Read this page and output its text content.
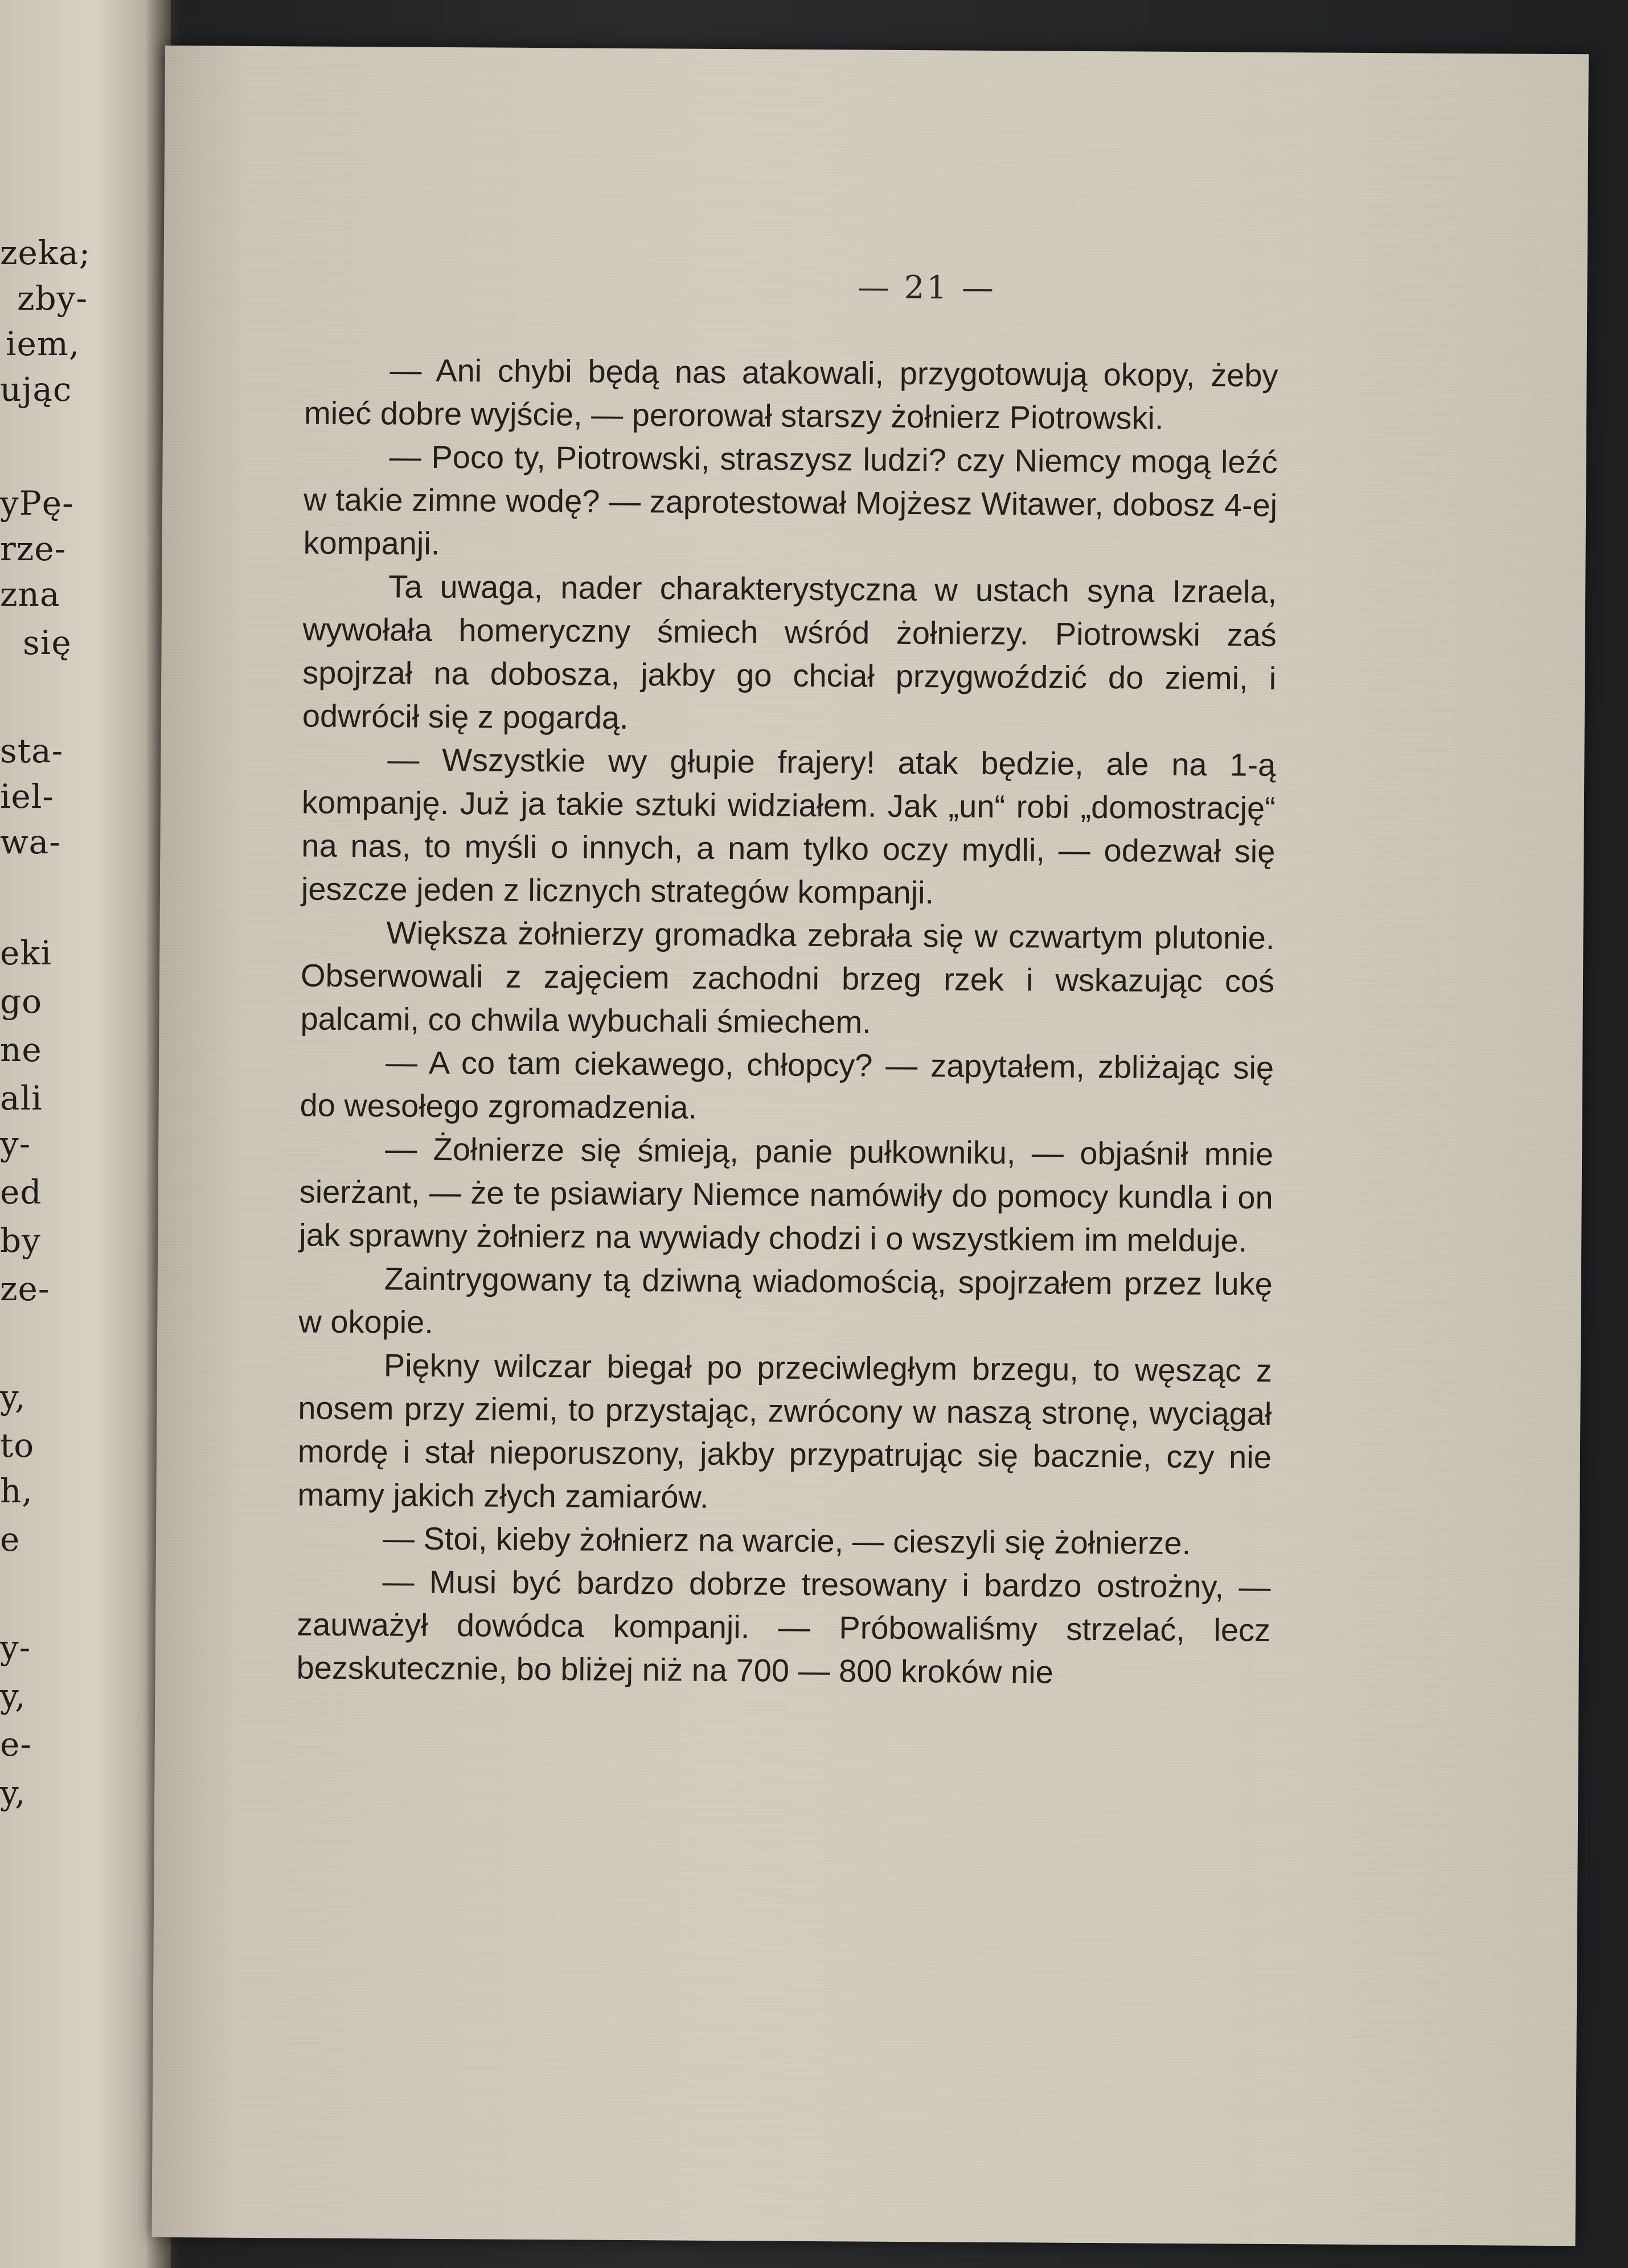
zeka;
zby-
iem,
ując
yPę-
rze-
zna
się
sta-
iel-
wa-
eki
go
ne
ali
y-
ed
by
ze-
y,
to
h,
e
y-
y,
e-
y,
— 21 —

— Ani chybi będą nas atakowali, przygotowują okopy, żeby mieć dobre wyjście, — perorował starszy żołnierz Piotrowski.

— Poco ty, Piotrowski, straszysz ludzi? czy Niemcy mogą leźć w takie zimne wodę? — zaprotestował Mojżesz Witawer, dobosz 4-ej kompanji.

Ta uwaga, nader charakterystyczna w ustach syna Izraela, wywołała homeryczny śmiech wśród żołnierzy. Piotrowski zaś spojrzał na dobosza, jakby go chciał przygwoździć do ziemi, i odwrócił się z pogardą.

— Wszystkie wy głupie frajery! atak będzie, ale na 1-ą kompanję. Już ja takie sztuki widziałem. Jak „un“ robi „domostrację“ na nas, to myśli o innych, a nam tylko oczy mydli, — odezwał się jeszcze jeden z licznych strategów kompanji.

Większa żołnierzy gromadka zebrała się w czwartym plutonie. Obserwowali z zajęciem zachodni brzeg rzek i wskazując coś palcami, co chwila wybuchali śmiechem.

— A co tam ciekawego, chłopcy? — zapytałem, zbliżając się do wesołego zgromadzenia.

— Żołnierze się śmieją, panie pułkowniku, — objaśnił mnie sierżant, — że te psiawiary Niemce namówiły do pomocy kundla i on jak sprawny żołnierz na wywiady chodzi i o wszystkiem im melduje.

Zaintrygowany tą dziwną wiadomością, spojrzałem przez lukę w okopie.

Piękny wilczar biegał po przeciwległym brzegu, to węsząc z nosem przy ziemi, to przystając, zwrócony w naszą stronę, wyciągał mordę i stał nieporuszony, jakby przypatrując się bacznie, czy nie mamy jakich złych zamiarów.

— Stoi, kieby żołnierz na warcie, — cieszyli się żołnierze.

— Musi być bardzo dobrze tresowany i bardzo ostrożny, — zauważył dowódca kompanji. — Próbowaliśmy strzelać, lecz bezskutecznie, bo bliżej niż na 700 — 800 kroków nie
